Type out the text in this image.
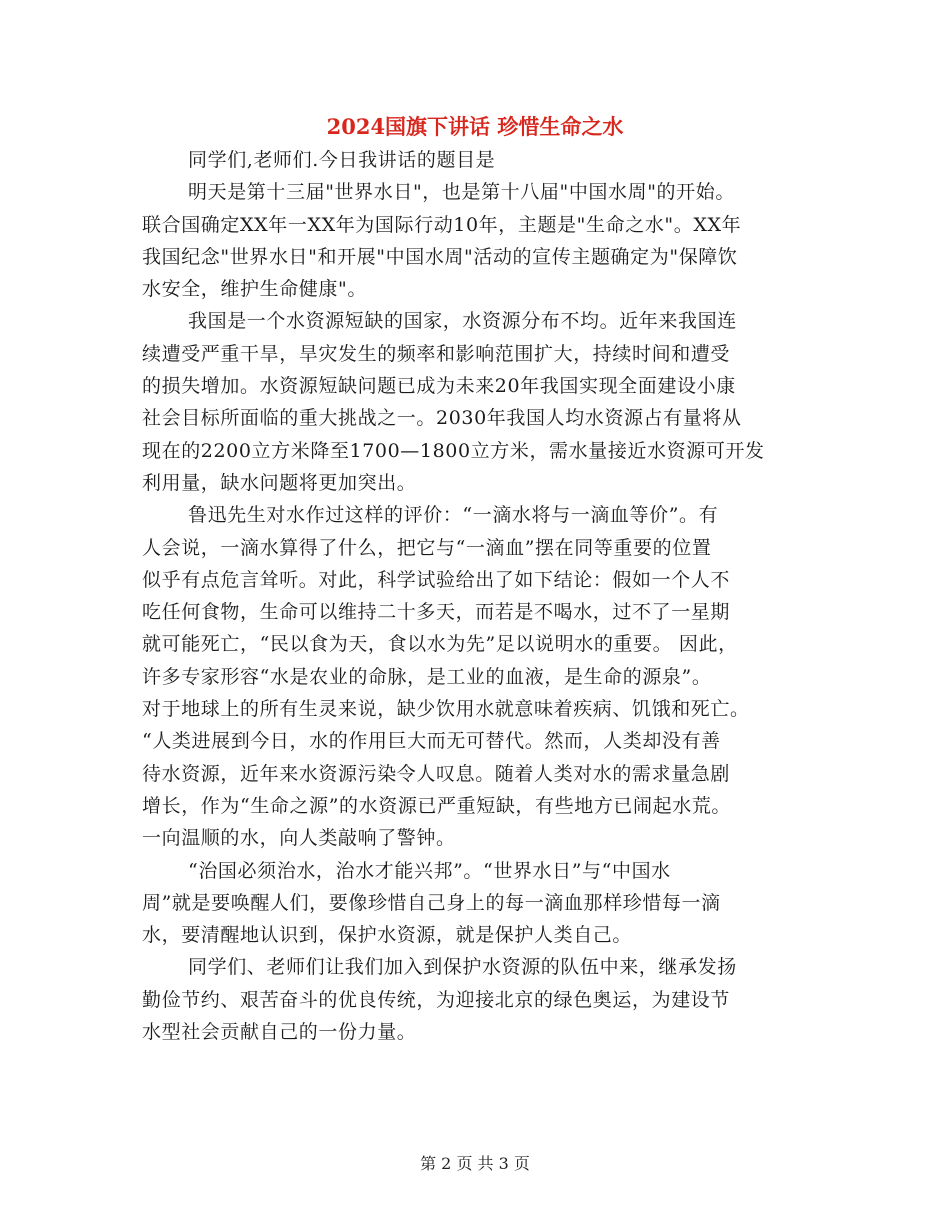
2024国旗下讲话 珍惜生命之水
同学们,老师们.今日我讲话的题目是
明天是第十三届"世界水日"，也是第十八届"中国水周"的开始。
联合国确定XX年一XX年为国际行动10年，主题是"生命之水"。XX年
我国纪念"世界水日"和开展"中国水周"活动的宣传主题确定为"保障饮
水安全，维护生命健康"。
我国是一个水资源短缺的国家，水资源分布不均。近年来我国连
续遭受严重干旱，旱灾发生的频率和影响范围扩大，持续时间和遭受
的损失增加。水资源短缺问题已成为未来20年我国实现全面建设小康
社会目标所面临的重大挑战之一。2030年我国人均水资源占有量将从
现在的2200立方米降至1700—1800立方米，需水量接近水资源可开发
利用量，缺水问题将更加突出。
鲁迅先生对水作过这样的评价：“一滴水将与一滴血等价”。有
人会说，一滴水算得了什么，把它与“一滴血”摆在同等重要的位置
似乎有点危言耸听。对此，科学试验给出了如下结论：假如一个人不
吃任何食物，生命可以维持二十多天，而若是不喝水，过不了一星期
就可能死亡，“民以食为天，食以水为先”足以说明水的重要。 因此，
许多专家形容“水是农业的命脉，是工业的血液，是生命的源泉”。
对于地球上的所有生灵来说，缺少饮用水就意味着疾病、饥饿和死亡。
“人类进展到今日，水的作用巨大而无可替代。然而，人类却没有善
待水资源，近年来水资源污染令人叹息。随着人类对水的需求量急剧
增长，作为“生命之源”的水资源已严重短缺，有些地方已闹起水荒。
一向温顺的水，向人类敲响了警钟。
“治国必须治水，治水才能兴邦”。“世界水日”与“中国水
周”就是要唤醒人们，要像珍惜自己身上的每一滴血那样珍惜每一滴
水，要清醒地认识到，保护水资源，就是保护人类自己。
同学们、老师们让我们加入到保护水资源的队伍中来，继承发扬
勤俭节约、艰苦奋斗的优良传统，为迎接北京的绿色奥运，为建设节
水型社会贡献自己的一份力量。
第 2 页 共 3 页
